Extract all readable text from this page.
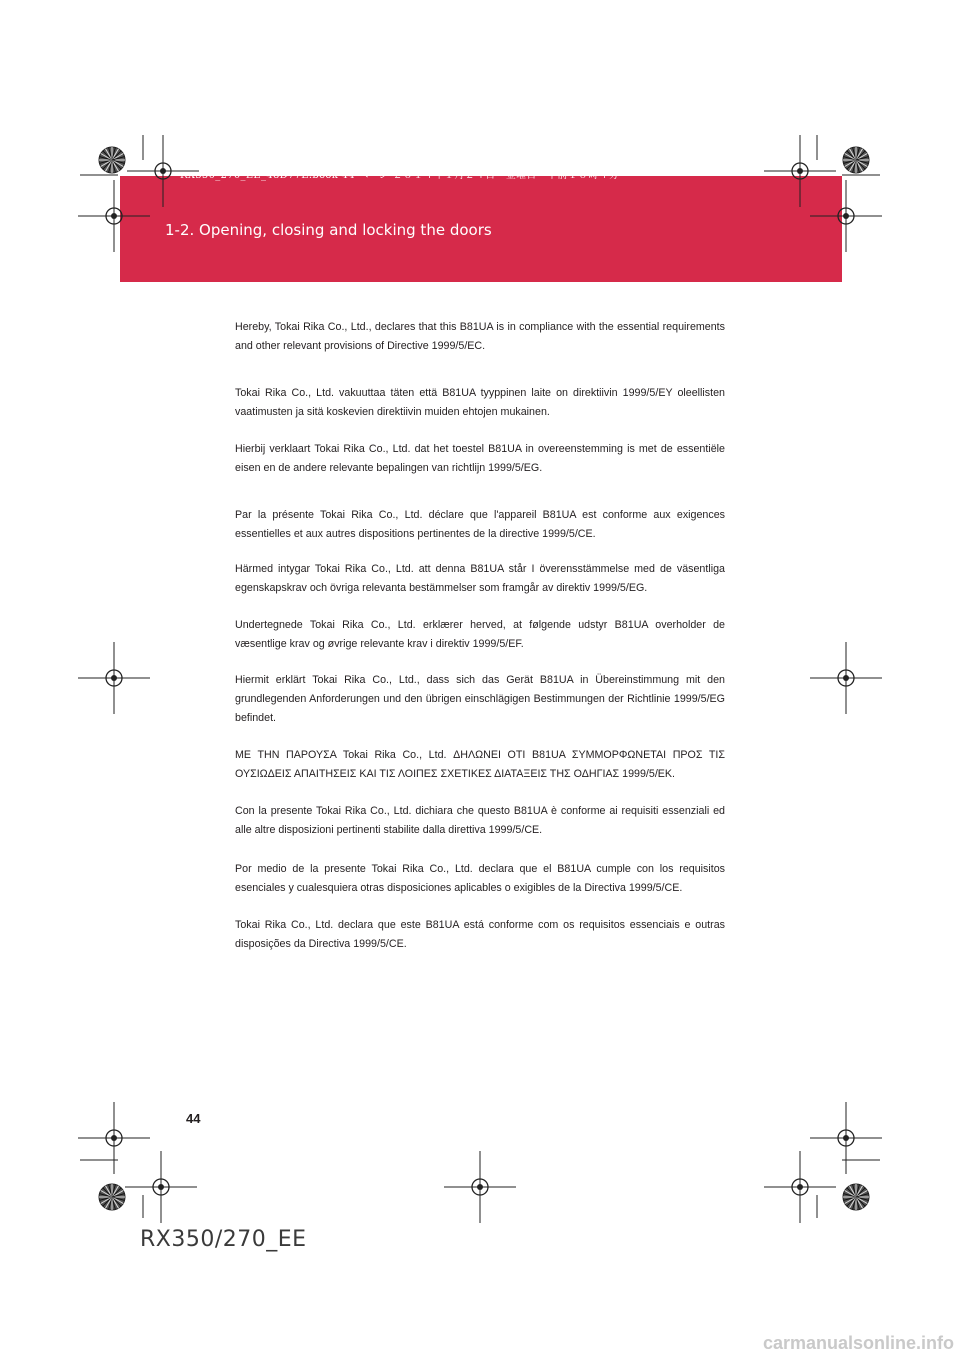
RX350_270_EE_48D77E.book 44 ページ ２０１４年１月２４日　金曜日　午前１０時４分
1-2. Opening, closing and locking the doors
Hereby, Tokai Rika Co., Ltd., declares that this B81UA is in compliance with the essential requirements and other relevant provisions of Directive 1999/5/EC.
Tokai Rika Co., Ltd. vakuuttaa täten että B81UA tyyppinen laite on direktiivin 1999/5/EY oleellisten vaatimusten ja sitä koskevien direktiivin muiden ehtojen mukainen.
Hierbij verklaart Tokai Rika Co., Ltd. dat het toestel B81UA in overeenstemming is met de essentiële eisen en de andere relevante bepalingen van richtlijn 1999/5/EG.
Par la présente Tokai Rika Co., Ltd. déclare que l'appareil B81UA est conforme aux exigences essentielles et aux autres dispositions pertinentes de la directive 1999/5/CE.
Härmed intygar Tokai Rika Co., Ltd. att denna B81UA står I överensstämmelse med de väsentliga egenskapskrav och övriga relevanta bestämmelser som framgår av direktiv 1999/5/EG.
Undertegnede Tokai Rika Co., Ltd. erklærer herved, at følgende udstyr B81UA overholder de væsentlige krav og øvrige relevante krav i direktiv 1999/5/EF.
Hiermit erklärt Tokai Rika Co., Ltd., dass sich das Gerät B81UA in Übereinstimmung mit den grundlegenden Anforderungen und den übrigen einschlägigen Bestimmungen der Richtlinie 1999/5/EG befindet.
ΜΕ ΤΗΝ ΠΑΡΟΥΣΑ Tokai Rika Co., Ltd. ΔΗΛΩΝΕΙ ΟΤΙ B81UA ΣΥΜΜΟΡΦΩΝΕΤΑΙ ΠΡΟΣ ΤΙΣ ΟΥΣΙΩΔΕΙΣ ΑΠΑΙΤΗΣΕΙΣ ΚΑΙ ΤΙΣ ΛΟΙΠΕΣ ΣΧΕΤΙΚΕΣ ΔΙΑΤΑΞΕΙΣ ΤΗΣ ΟΔΗΓΙΑΣ 1999/5/ΕΚ.
Con la presente Tokai Rika Co., Ltd. dichiara che questo B81UA è conforme ai requisiti essenziali ed alle altre disposizioni pertinenti stabilite dalla direttiva 1999/5/CE.
Por medio de la presente Tokai Rika Co., Ltd. declara que el B81UA cumple con los requisitos esenciales y cualesquiera otras disposiciones aplicables o exigibles de la Directiva 1999/5/CE.
Tokai Rika Co., Ltd. declara que este B81UA está conforme com os requisitos essenciais e outras disposições da Directiva 1999/5/CE.
44
RX350/270_EE
carmanualsonline.info
